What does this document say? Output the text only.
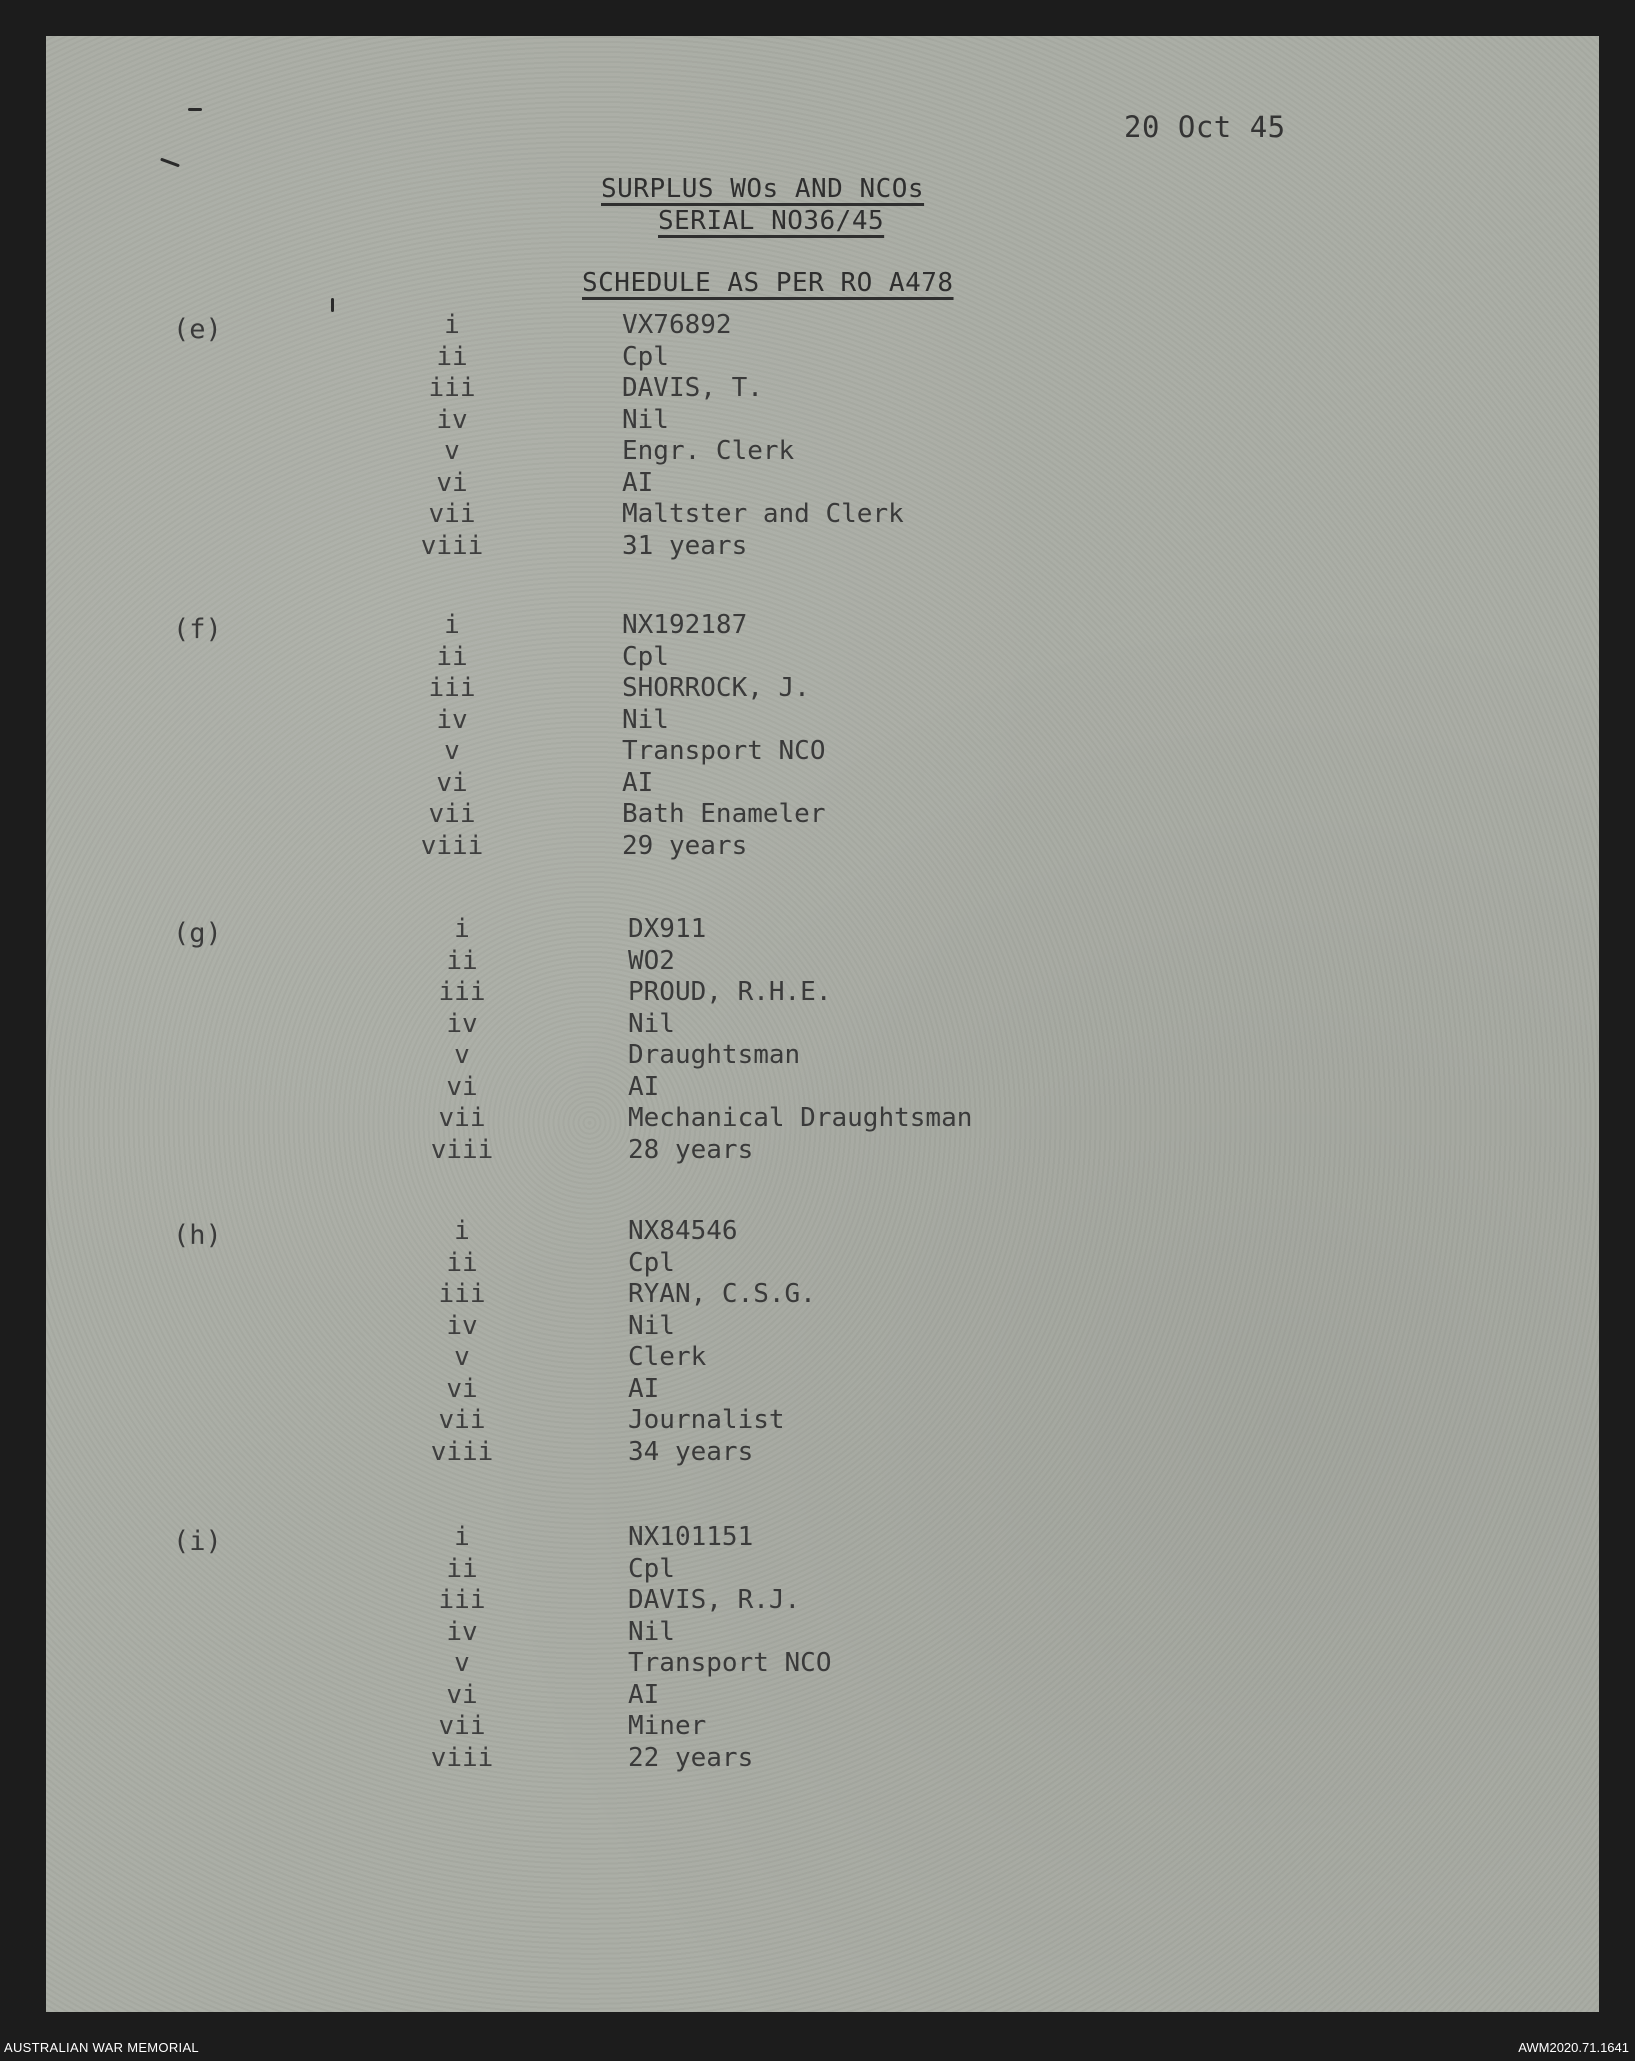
20 Oct 45
SURPLUS WOs AND NCOs
SERIAL NO36/45
SCHEDULE AS PER RO A478
(e)	i	VX76892
ii	Cpl
iii	DAVIS, T.
iv	Nil
v	Engr. Clerk
vi	AI
vii	Maltster and Clerk
viii	31 years
(f)	i	NX192187
ii	Cpl
iii	SHORROCK, J.
iv	Nil
v	Transport NCO
vi	AI
vii	Bath Enameler
viii	29 years
(g)	i	DX911
ii	WO2
iii	PROUD, R.H.E.
iv	Nil
v	Draughtsman
vi	AI
vii	Mechanical Draughtsman
viii	28 years
(h)	i	NX84546
ii	Cpl
iii	RYAN, C.S.G.
iv	Nil
v	Clerk
vi	AI
vii	Journalist
viii	34 years
(i)	i	NX101151
ii	Cpl
iii	DAVIS, R.J.
iv	Nil
v	Transport NCO
vi	AI
vii	Miner
viii	22 years
AUSTRALIAN WAR MEMORIAL	AWM2020.71.1641
